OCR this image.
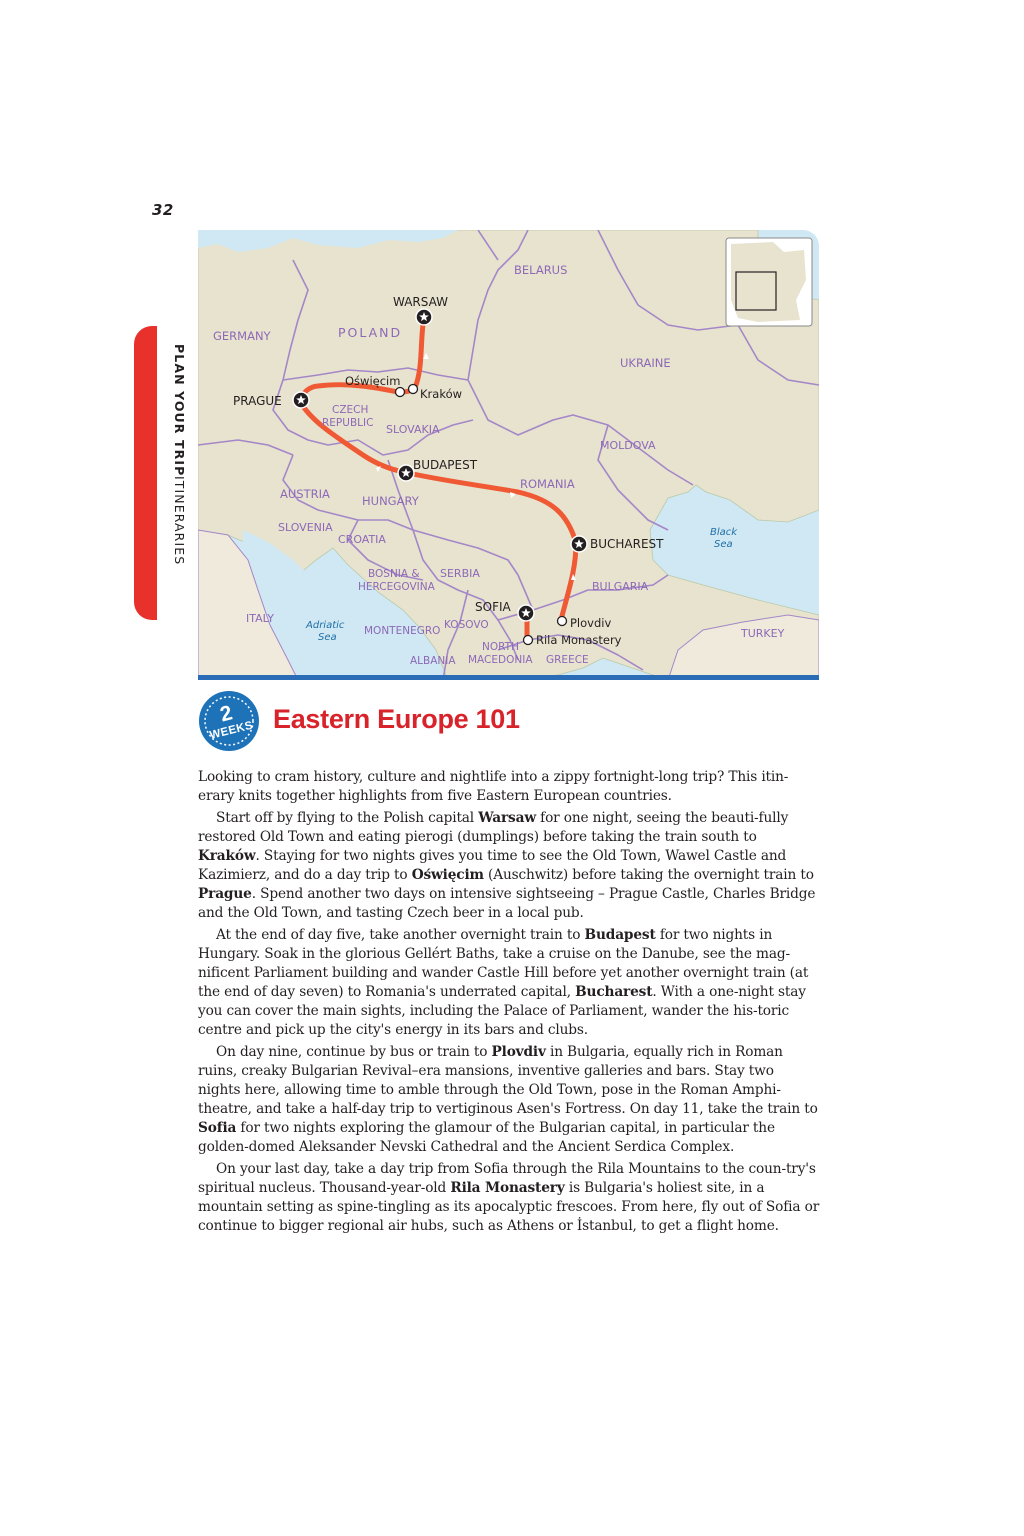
32
PLAN YOUR TRIPITINERARIES
BELARUS
POLAND
GERMANY
UKRAINE
CZECH
REPUBLIC SLOVAKIA
MOLDOVA
AUSTRIA	HUNGARY
ROMANIA
SLOVENIA
CROATIA
BOSNIA &
HERCEGOVINA
SERBIA
BULGARIA
ITALY
MONTENEGRO KOSOVO
NORTH
MACEDONIA
ALBANIA	GREECE
TURKEY
Adriatic
Sea
Black
Sea
WARSAW
PRAGUE
BUDAPEST
BUCHAREST
SOFIA
Oświęcim
Kraków
Plovdiv
Rila Monastery
2
WEEKS Eastern Europe 101

Looking to cram history, culture and nightlife into a zippy fortnight-long trip? This itin-erary knits together highlights from five Eastern European countries.

Start off by flying to the Polish capital Warsaw for one night, seeing the beauti-fully restored Old Town and eating pierogi (dumplings) before taking the train south to Kraków. Staying for two nights gives you time to see the Old Town, Wawel Castle and Kazimierz, and do a day trip to Oświęcim (Auschwitz) before taking the overnight train to Prague. Spend another two days on intensive sightseeing – Prague Castle, Charles Bridge and the Old Town, and tasting Czech beer in a local pub.

At the end of day five, take another overnight train to Budapest for two nights in Hungary. Soak in the glorious Gellért Baths, take a cruise on the Danube, see the mag-nificent Parliament building and wander Castle Hill before yet another overnight train (at the end of day seven) to Romania's underrated capital, Bucharest. With a one-night stay you can cover the main sights, including the Palace of Parliament, wander the his-toric centre and pick up the city's energy in its bars and clubs.

On day nine, continue by bus or train to Plovdiv in Bulgaria, equally rich in Roman ruins, creaky Bulgarian Revival–era mansions, inventive galleries and bars. Stay two nights here, allowing time to amble through the Old Town, pose in the Roman Amphi-theatre, and take a half-day trip to vertiginous Asen's Fortress. On day 11, take the train to Sofia for two nights exploring the glamour of the Bulgarian capital, in particular the golden-domed Aleksander Nevski Cathedral and the Ancient Serdica Complex.

On your last day, take a day trip from Sofia through the Rila Mountains to the coun-try's spiritual nucleus. Thousand-year-old Rila Monastery is Bulgaria's holiest site, in a mountain setting as spine-tingling as its apocalyptic frescoes. From here, fly out of Sofia or continue to bigger regional air hubs, such as Athens or İstanbul, to get a flight home.
